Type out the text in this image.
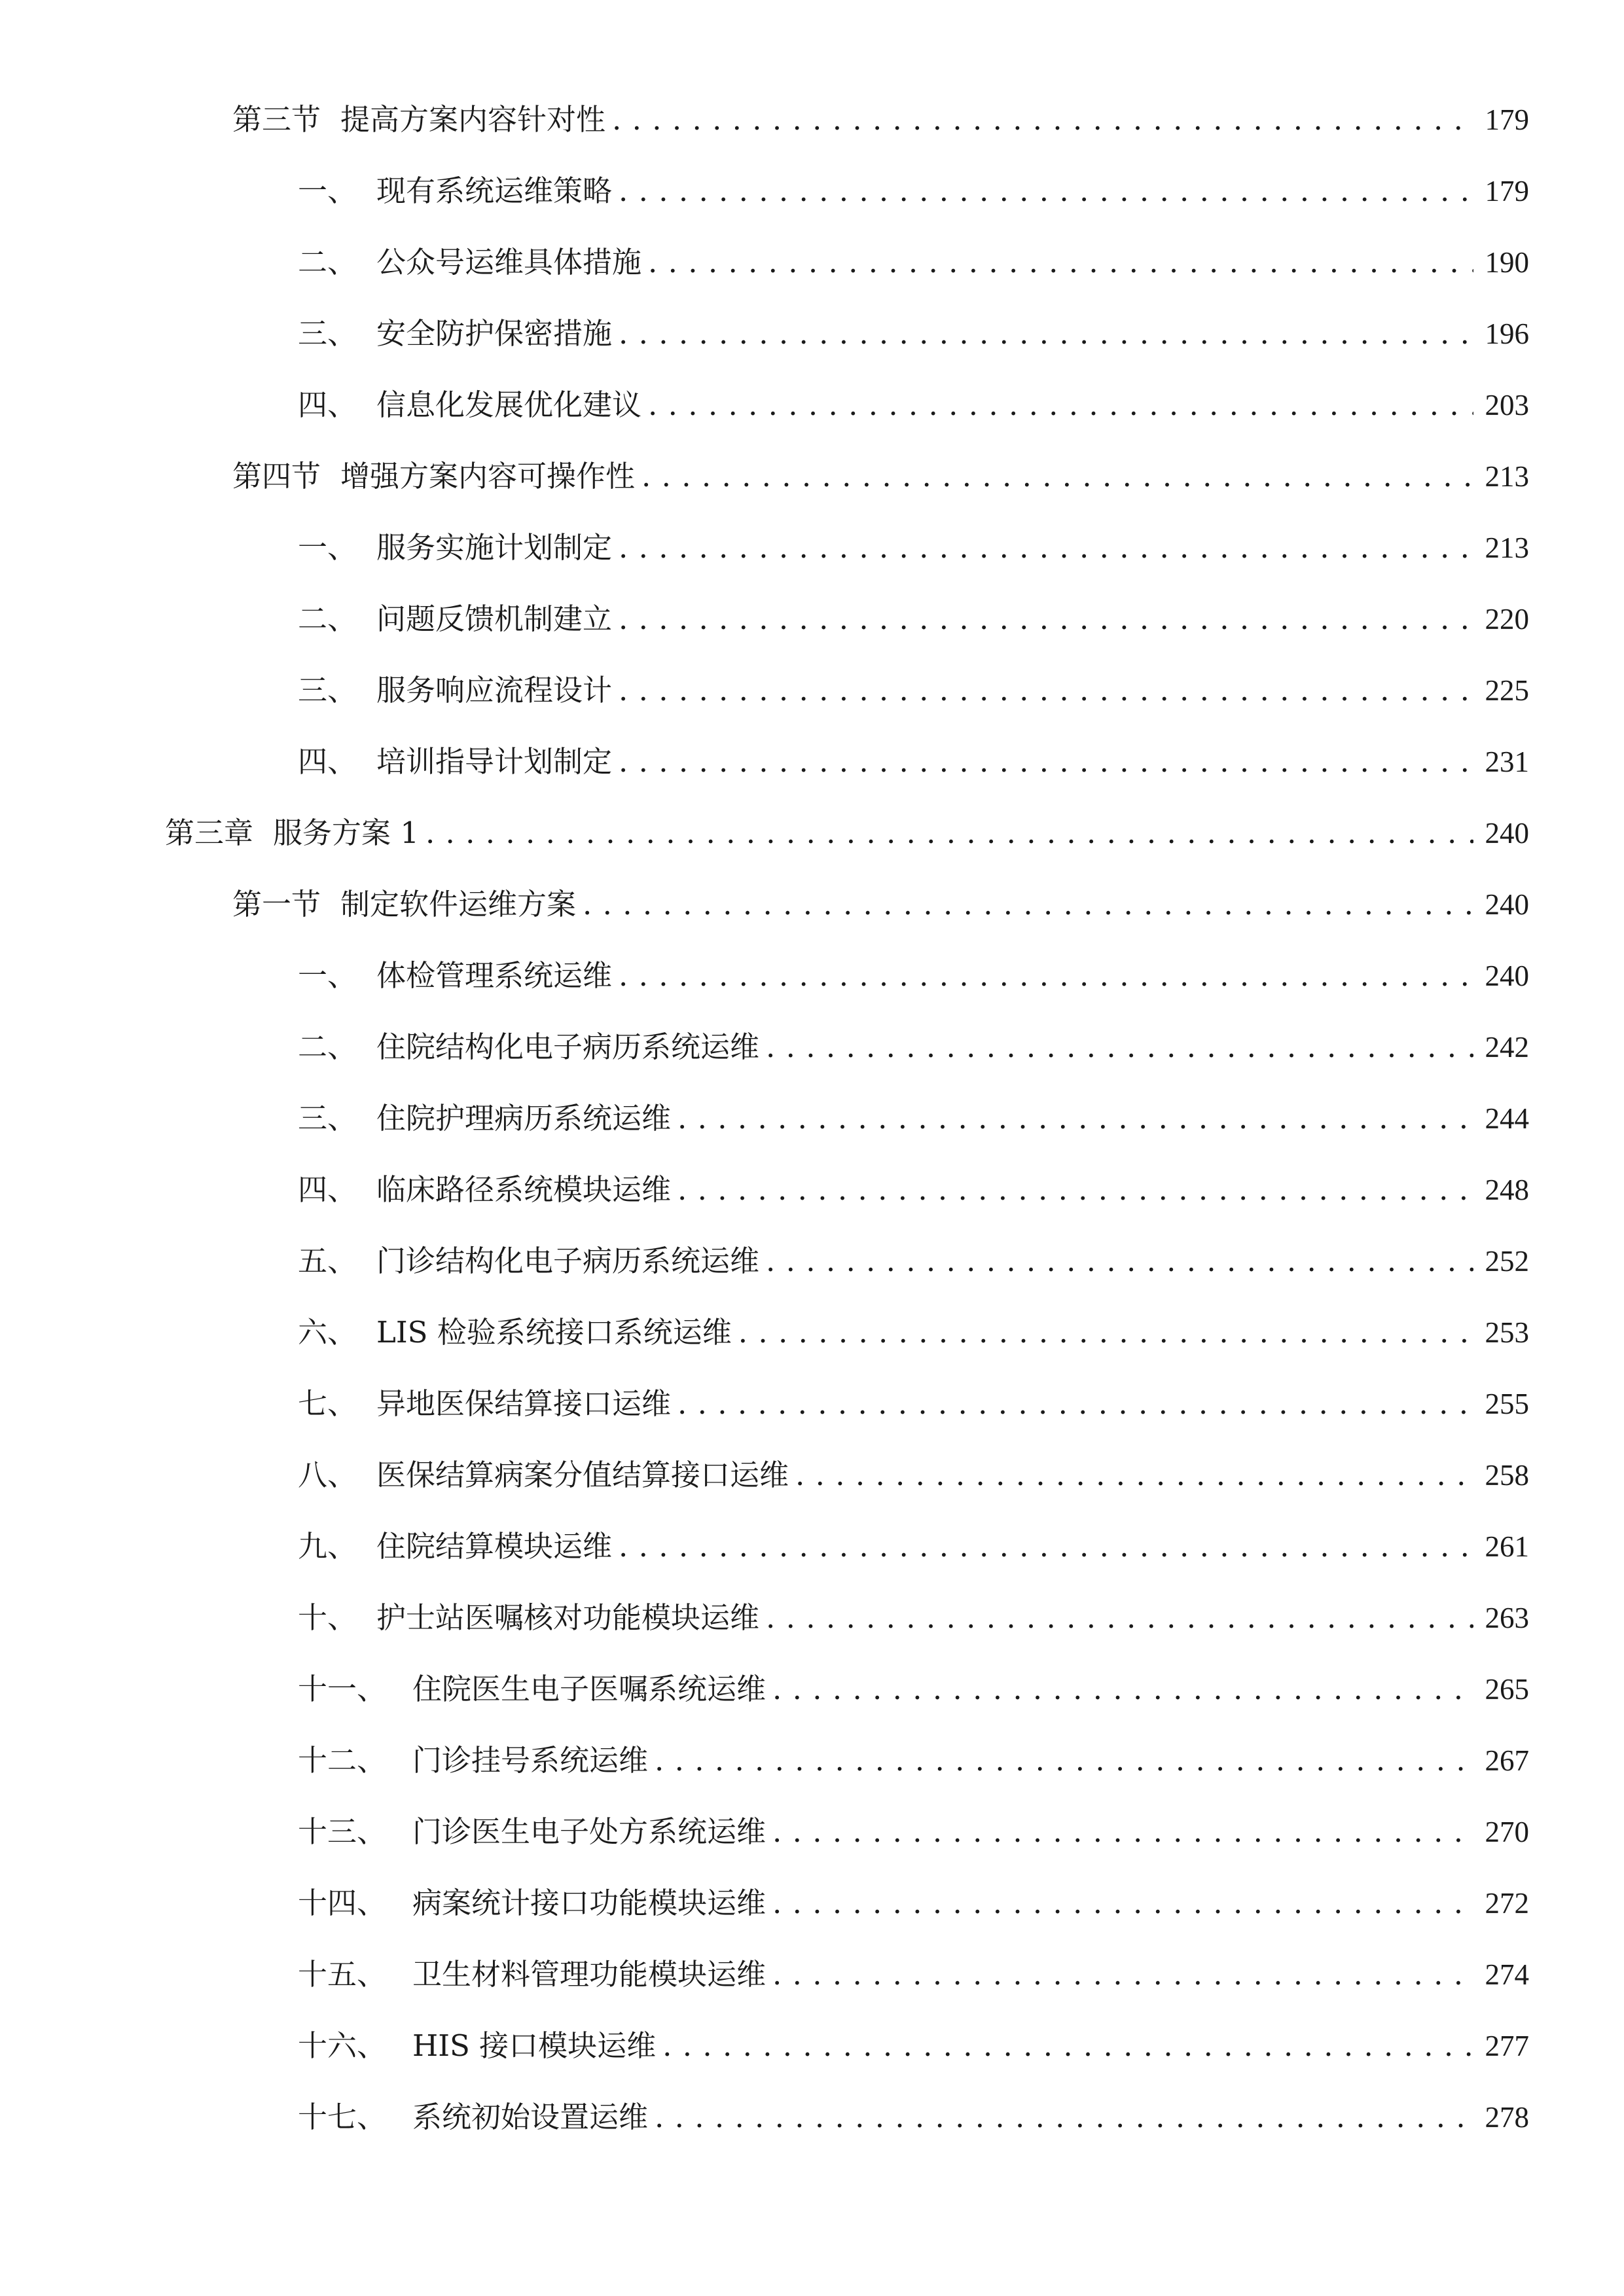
第三节 提高方案内容针对性 . . .	179
一、 现有系统运维策略 . . .	179
二、 公众号运维具体措施 . . .	190
三、 安全防护保密措施 . . .	196
四、 信息化发展优化建议 . . .	203
第四节 增强方案内容可操作性 . . .	213
一、 服务实施计划制定 . . .	213
二、 问题反馈机制建立 . . .	220
三、 服务响应流程设计 . . .	225
四、 培训指导计划制定 . . .	231
第三章 服务方案 1 . . .	240
第一节 制定软件运维方案 . . .	240
一、 体检管理系统运维 . . .	240
二、 住院结构化电子病历系统运维 . . .	242
三、 住院护理病历系统运维 . . .	244
四、 临床路径系统模块运维 . . .	248
五、 门诊结构化电子病历系统运维 . . .	252
六、 LIS 检验系统接口系统运维 . . .	253
七、 异地医保结算接口运维 . . .	255
八、 医保结算病案分值结算接口运维 . . .	258
九、 住院结算模块运维 . . .	261
十、 护士站医嘱核对功能模块运维 . . .	263
十一、 住院医生电子医嘱系统运维 . . .	265
十二、 门诊挂号系统运维 . . .	267
十三、 门诊医生电子处方系统运维 . . .	270
十四、 病案统计接口功能模块运维 . . .	272
十五、 卫生材料管理功能模块运维 . . .	274
十六、 HIS 接口模块运维 . . .	277
十七、 系统初始设置运维 . . .	278
